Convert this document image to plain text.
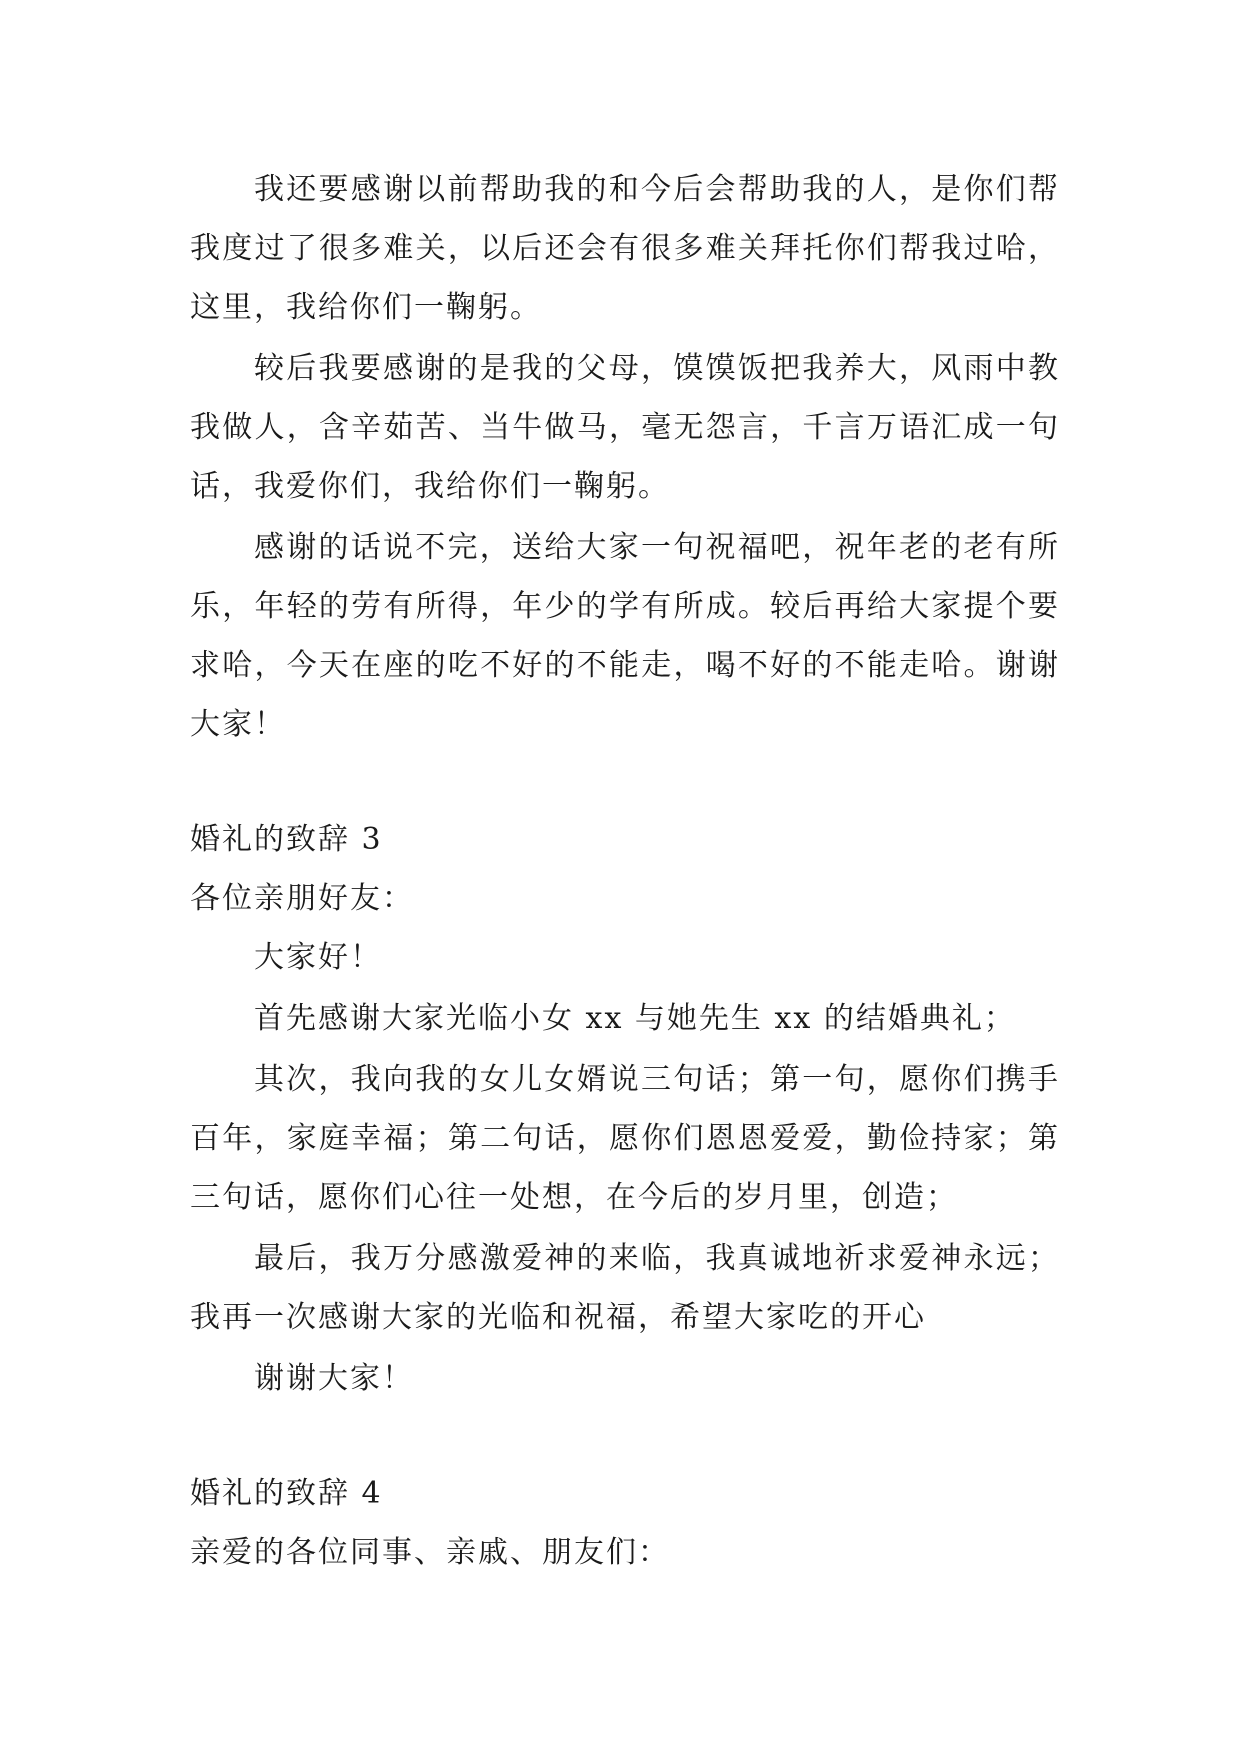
我还要感谢以前帮助我的和今后会帮助我的人，是你们帮我度过了很多难关，以后还会有很多难关拜托你们帮我过哈，这里，我给你们一鞠躬。

较后我要感谢的是我的父母，馍馍饭把我养大，风雨中教我做人，含辛茹苦、当牛做马，毫无怨言，千言万语汇成一句话，我爱你们，我给你们一鞠躬。

感谢的话说不完，送给大家一句祝福吧，祝年老的老有所乐，年轻的劳有所得，年少的学有所成。较后再给大家提个要求哈，今天在座的吃不好的不能走，喝不好的不能走哈。谢谢大家！

婚礼的致辞 3

各位亲朋好友：

大家好！

首先感谢大家光临小女 xx 与她先生 xx 的结婚典礼；

其次，我向我的女儿女婿说三句话；第一句，愿你们携手百年，家庭幸福；第二句话，愿你们恩恩爱爱，勤俭持家；第三句话，愿你们心往一处想，在今后的岁月里，创造；

最后，我万分感激爱神的来临，我真诚地祈求爱神永远；我再一次感谢大家的光临和祝福，希望大家吃的开心

谢谢大家！

婚礼的致辞 4

亲爱的各位同事、亲戚、朋友们：
